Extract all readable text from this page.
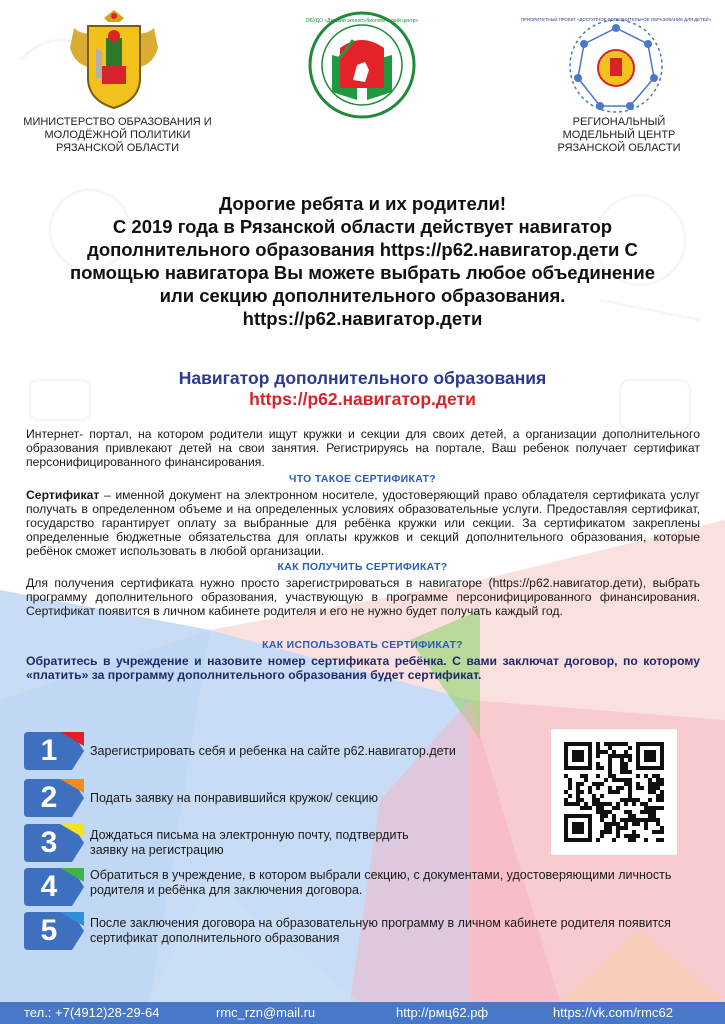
МИНИСТЕРСТВО ОБРАЗОВАНИЯ И
МОЛОДЁЖНОЙ ПОЛИТИКИ
РЯЗАНСКОЙ ОБЛАСТИ
ОБУДО «Детский эколого-биологический центр»	ПРИОРИТЕТНЫЙ ПРОЕКТ «ДОСТУПНОЕ ДОПОЛНИТЕЛЬНОЕ ОБРАЗОВАНИЕ ДЛЯ ДЕТЕЙ»
РЕГИОНАЛЬНЫЙ
МОДЕЛЬНЫЙ ЦЕНТР
РЯЗАНСКОЙ ОБЛАСТИ
Дорогие ребята и их родители!
С 2019 года в Рязанской области действует навигатор
дополнительного образования https://р62.навигатор.дети С
помощью навигатора Вы можете выбрать любое объединение
или секцию дополнительного образования.
https://р62.навигатор.дети
Навигатор дополнительного образования
https://р62.навигатор.дети
Интернет- портал, на котором родители ищут кружки и секции для своих детей, а организации дополнительного образования привлекают детей на свои занятия. Регистрируясь на портале, Ваш ребенок получает сертификат персонифицированного финансирования.
ЧТО ТАКОЕ СЕРТИФИКАТ?
Сертификат – именной документ на электронном носителе, удостоверяющий право обладателя сертификата услуг получать в определенном объеме и на определенных условиях образовательные услуги. Предоставляя сертификат, государство гарантирует оплату за выбранные для ребёнка кружки или секции. За сертификатом закреплены определенные бюджетные обязательства для оплаты кружков и секций дополнительного образования, которые ребёнок сможет использовать в любой организации.
КАК ПОЛУЧИТЬ СЕРТИФИКАТ?
Для получения сертификата нужно просто зарегистрироваться в навигаторе (https://р62.навигатор.дети), выбрать программу дополнительного образования, участвующую в программе персонифицированного финансирования. Сертификат появится в личном кабинете родителя и его не нужно будет получать каждый год.
КАК ИСПОЛЬЗОВАТЬ СЕРТИФИКАТ?
Обратитесь в учреждение и назовите номер сертификата ребёнка. С вами заключат договор, по которому «платить» за программу дополнительного образования будет сертификат.
1	Зарегистрировать себя и ребенка на сайте р62.навигатор.дети
2	Подать заявку на понравившийся кружок/ секцию
3	Дождаться письма на электронную почту, подтвердить заявку на регистрацию
4	Обратиться в учреждение, в котором выбрали секцию, с документами, удостоверяющими личность родителя и ребёнка для заключения договора.
5	После заключения договора на образовательную программу в личном кабинете родителя появится сертификат дополнительного образования
тел.: +7(4912)28-29-64	rmc_rzn@mail.ru	http://рмц62.рф	https://vk.com/rmc62
